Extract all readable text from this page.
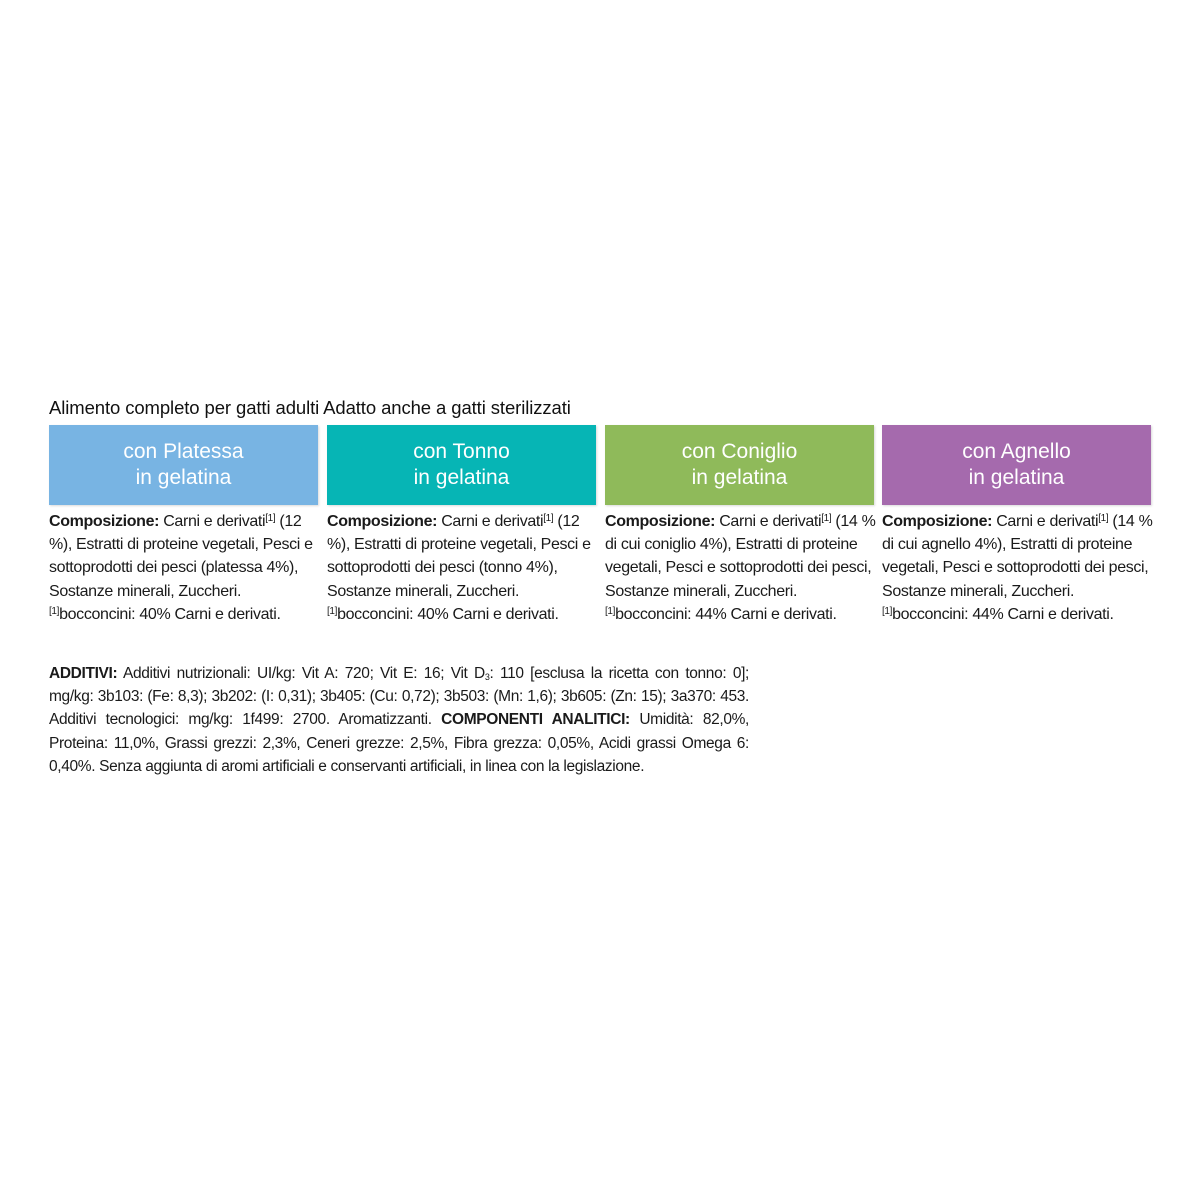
Alimento completo per gatti adulti Adatto anche a gatti sterilizzati
con Platessa
in gelatina
con Tonno
in gelatina
con Coniglio
in gelatina
con Agnello
in gelatina
Composizione: Carni e derivati[1] (12 %), Estratti di proteine vegetali, Pesci e sottoprodotti dei pesci (platessa 4%), Sostanze minerali, Zuccheri. [1]bocconcini: 40% Carni e derivati.
Composizione: Carni e derivati[1] (12 %), Estratti di proteine vegetali, Pesci e sottoprodotti dei pesci (tonno 4%), Sostanze minerali, Zuccheri. [1]bocconcini: 40% Carni e derivati.
Composizione: Carni e derivati[1] (14 % di cui coniglio 4%), Estratti di proteine vegetali, Pesci e sottoprodotti dei pesci, Sostanze minerali, Zuccheri. [1]bocconcini: 44% Carni e derivati.
Composizione: Carni e derivati[1] (14 % di cui agnello 4%), Estratti di proteine vegetali, Pesci e sottoprodotti dei pesci, Sostanze minerali, Zuccheri. [1]bocconcini: 44% Carni e derivati.
ADDITIVI: Additivi nutrizionali: UI/kg: Vit A: 720; Vit E: 16; Vit $D_3$: 110 [esclusa la ricetta con tonno: 0]; mg/kg: 3b103: (Fe: 8,3); 3b202: (I: 0,31); 3b405: (Cu: 0,72); 3b503: (Mn: 1,6); 3b605: (Zn: 15); 3a370: 453. Additivi tecnologici: mg/kg: 1f499: 2700. Aromatizzanti. COMPONENTI ANALITICI: Umidità: 82,0%, Proteina: 11,0%, Grassi grezzi: 2,3%, Ceneri grezze: 2,5%, Fibra grezza: 0,05%, Acidi grassi Omega 6: 0,40%. Senza aggiunta di aromi artificiali e conservanti artificiali, in linea con la legislazione.
